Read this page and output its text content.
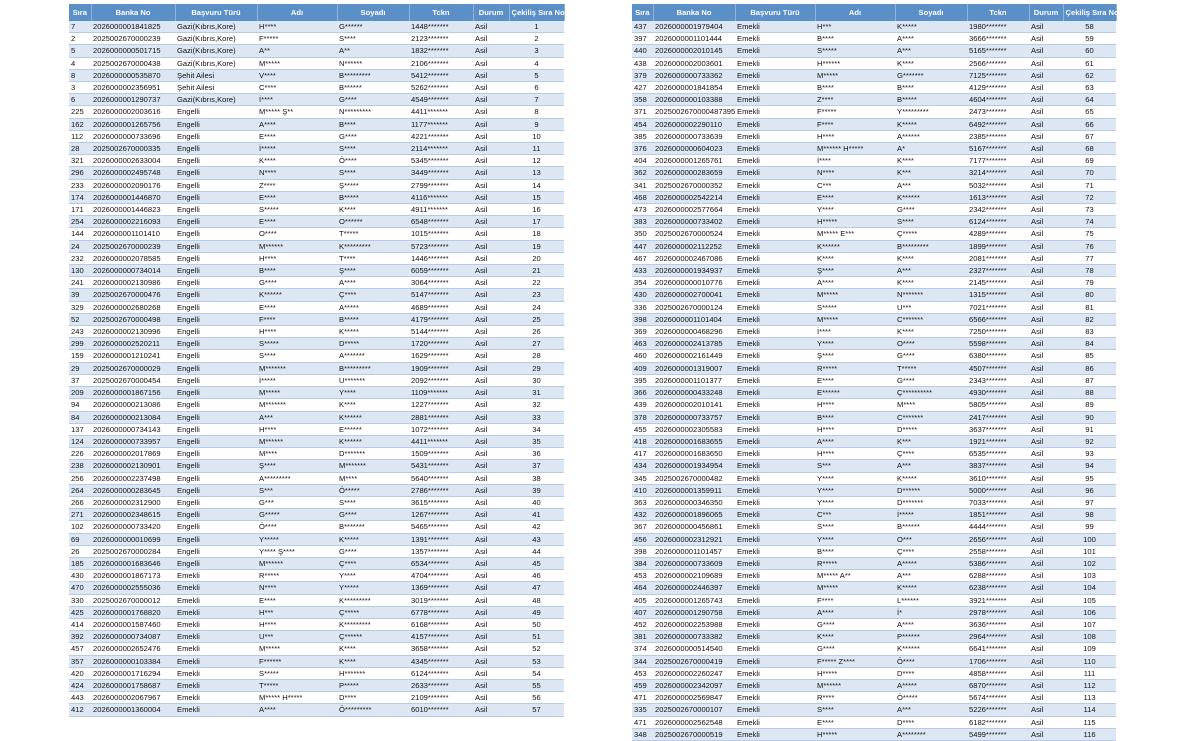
Sıra	Banka No	Başvuru Türü	Adı	Soyadı	Tckn	Durum	Çekiliş Sıra No
7	2026000001841825	Gazi(Kıbrıs,Kore)	H****	G******	1448*******	Asil	1
2	2025002670000239	Gazi(Kıbrıs,Kore)	F*****	S****	2123*******	Asil	2
5	2026000000501715	Gazi(Kıbrıs,Kore)	A**	A**	1832*******	Asil	3
4	2025002670000438	Gazi(Kıbrıs,Kore)	M*****	N******	2106*******	Asil	4
8	2026000000535870	Şehit Ailesi	V****	B*********	5412*******	Asil	5
3	2026000002356951	Şehit Ailesi	C****	B******	5262*******	Asil	6
6	2026000001290737	Gazi(Kıbrıs,Kore)	İ****	G****	4549*******	Asil	7
225	2026000002003616	Engelli	M***** Ş**	N*********	4411*******	Asil	8
162	2026000001265756	Engelli	A****	B****	1177*******	Asil	9
112	2026000000733696	Engelli	E****	G****	4221*******	Asil	10
28	2025002670000335	Engelli	İ*****	S****	2114*******	Asil	11
321	2026000002633004	Engelli	K****	Ö****	5345*******	Asil	12
296	2026000002495748	Engelli	N****	S****	3449*******	Asil	13
233	2026000002090176	Engelli	Z****	Ş*****	2799*******	Asil	14
174	2026000001446870	Engelli	E****	B*****	4116*******	Asil	15
171	2026000001446823	Engelli	S*****	K****	4911*******	Asil	16
254	2026000002216093	Engelli	E****	O******	6548*******	Asil	17
144	2026000001101410	Engelli	O****	T*****	1015*******	Asil	18
24	2025002670000239	Engelli	M******	K*********	5723*******	Asil	19
232	2026000002078585	Engelli	H****	T****	1446*******	Asil	20
130	2026000000734014	Engelli	B****	Ş****	6059*******	Asil	21
241	2026000002130986	Engelli	G****	A****	3064*******	Asil	22
39	2025002670000476	Engelli	K******	Ç****	5147*******	Asil	23
329	2026000002680268	Engelli	E****	A*****	4689*******	Asil	24
52	2025002670000498	Engelli	F****	B*****	4179*******	Asil	25
243	2026000002130996	Engelli	H****	K*****	5144*******	Asil	26
299	2026000002520211	Engelli	S*****	D*****	1720*******	Asil	27
159	2026000001210241	Engelli	S****	A*******	1629*******	Asil	28
29	2025002670000029	Engelli	M*******	B*********	1909*******	Asil	29
37	2025002670000454	Engelli	İ*****	U*******	2092*******	Asil	30
209	2026000001867156	Engelli	M*****	Y****	1109*******	Asil	31
94	2026000000213086	Engelli	M*******	K****	1227*******	Asil	32
84	2026000000213084	Engelli	A***	K******	2881*******	Asil	33
137	2026000000734143	Engelli	H****	E******	1072*******	Asil	34
124	2026000000733957	Engelli	M******	K******	4411*******	Asil	35
226	2026000002017869	Engelli	M****	D*******	1509*******	Asil	36
238	2026000002130901	Engelli	Ş****	M*******	5431*******	Asil	37
256	2026000002237498	Engelli	A*********	M****	5640*******	Asil	38
264	2026000000283645	Engelli	S***	Ö*****	2786*******	Asil	39
266	2026000002312900	Engelli	G***	S****	3615*******	Asil	40
271	2026000002348615	Engelli	G*****	G****	1267*******	Asil	41
102	2026000000733420	Engelli	Ö****	B*******	5465*******	Asil	42
69	2026000000010699	Engelli	Y*****	K*****	1391*******	Asil	43
26	2025002670000284	Engelli	Y**** Ş****	G****	1357*******	Asil	44
185	2026000001683646	Engelli	M******	Ç****	6534*******	Asil	45
430	2026000001867173	Emekli	R*****	Y****	4704*******	Asil	46
470	2026000002555036	Emekli	N****	Y*****	1369*******	Asil	47
330	2025002670000012	Emekli	E****	K*********	3019*******	Asil	48
425	2026000001768820	Emekli	H***	Ç*****	6778*******	Asil	49
414	2026000001587460	Emekli	H****	K*********	6168*******	Asil	50
392	2026000000734087	Emekli	U***	Ç******	4157*******	Asil	51
457	2026000002652476	Emekli	M*****	K****	3658*******	Asil	52
357	2026000000103384	Emekli	F******	K****	4345*******	Asil	53
420	2026000001716294	Emekli	S*****	H*******	6124*******	Asil	54
424	2026000001758687	Emekli	T*****	P*****	2633*******	Asil	55
443	2026000002067967	Emekli	M***** H*****	D****	2109*******	Asil	56
412	2026000001360004	Emekli	A****	Ö*********	6010*******	Asil	57
Sıra	Banka No	Başvuru Türü	Adı	Soyadı	Tckn	Durum	Çekiliş Sıra No
437	2026000001979404	Emekli	H***	K*****	1980*******	Asil	58
397	2026000001101444	Emekli	B****	A****	3666*******	Asil	59
440	2026000002010145	Emekli	S*****	A***	5165*******	Asil	60
438	2026000002003601	Emekli	H******	K****	2566*******	Asil	61
379	2026000000733362	Emekli	M*****	G*******	7125*******	Asil	62
427	2026000001841854	Emekli	B****	B****	4129*******	Asil	63
358	2026000000103388	Emekli	Z****	B*****	4604*******	Asil	64
371	2025002670000487395	Emekli	F*****	Y*********	2473*******	Asil	65
454	2026000002290110	Emekli	F****	K*****	6492*******	Asil	66
385	2026000000733639	Emekli	H****	A******	2385*******	Asil	67
376	2026000000604023	Emekli	M****** H*****	A*	5167*******	Asil	68
404	2026000001265761	Emekli	İ****	K****	7177*******	Asil	69
362	2026000000283659	Emekli	N****	K***	3214*******	Asil	70
341	2025002670000352	Emekli	C***	A***	5032*******	Asil	71
468	2026000002542214	Emekli	E****	K******	1613*******	Asil	72
473	2026000002577664	Emekli	Y****	G****	2342*******	Asil	73
383	2026000000733402	Emekli	H*****	S****	6124*******	Asil	74
350	2025002670000524	Emekli	M***** E***	Ç*****	4289*******	Asil	75
447	2026000002112252	Emekli	K******	B*********	1899*******	Asil	76
467	2026000002467086	Emekli	K****	K****	2081*******	Asil	77
433	2026000001934937	Emekli	Ş****	A***	2327*******	Asil	78
354	2026000000010776	Emekli	A****	K****	2145*******	Asil	79
430	2026000002700041	Emekli	M*****	N*******	1315*******	Asil	80
336	2025002670000124	Emekli	S*****	U***	7021*******	Asil	81
398	2026000001101404	Emekli	M*****	C*******	6566*******	Asil	82
369	2026000000468296	Emekli	İ****	K****	7250*******	Asil	83
463	2026000002413785	Emekli	Y****	O****	5598*******	Asil	84
460	2026000002161449	Emekli	Ş****	G****	6380*******	Asil	85
409	2026000001319007	Emekli	R*****	T*****	4507*******	Asil	86
395	2026000001101377	Emekli	E****	G****	2343*******	Asil	87
366	2026000000433248	Emekli	E******	Ç**********	4930*******	Asil	88
439	2026000002010141	Emekli	H****	M****	5805*******	Asil	89
378	2026000000733757	Emekli	B****	C*******	2417*******	Asil	90
455	2026000002305583	Emekli	H****	D*****	3637*******	Asil	91
418	2026000001683655	Emekli	A****	K***	1921*******	Asil	92
417	2026000001683650	Emekli	H****	Ç****	6535*******	Asil	93
434	2026000001934954	Emekli	S***	A***	3837*******	Asil	94
345	2025002670000482	Emekli	Y****	K*****	3610*******	Asil	95
410	2026000001359911	Emekli	Y****	D******	5000*******	Asil	96
363	2026000000346350	Emekli	Y****	D*******	7033*******	Asil	97
432	2026000001896065	Emekli	C***	İ*****	1851*******	Asil	98
367	2026000000456861	Emekli	S****	B******	4444*******	Asil	99
456	2026000002312921	Emekli	Y****	O***	2656*******	Asil	100
398	2026000001101457	Emekli	B****	Ç****	2558*******	Asil	101
384	2026000000733609	Emekli	R*****	A*****	5386*******	Asil	102
453	2026000002109689	Emekli	M***** A**	A***	6288*******	Asil	103
464	2026000002446397	Emekli	M*****	K*****	6238*******	Asil	104
405	2026000001265743	Emekli	F****	L******	3921*******	Asil	105
407	2026000001290758	Emekli	A****	İ*	2978*******	Asil	106
452	2026000002253988	Emekli	G****	A****	3636*******	Asil	107
381	2026000000733382	Emekli	K****	P******	2964*******	Asil	108
374	2026000000514540	Emekli	G****	K******	6641*******	Asil	109
344	2025002670000419	Emekli	F***** Z****	Ö****	1706*******	Asil	110
453	2026000002260247	Emekli	H*****	D****	4858*******	Asil	111
459	2026000002342097	Emekli	M******	A*****	6870*******	Asil	112
471	2026000002569847	Emekli	R****	Ö*****	5674*******	Asil	113
335	2025002670000107	Emekli	S****	A***	5226*******	Asil	114
471	2026000002562548	Emekli	E****	D****	6182*******	Asil	115
348	2025002670000519	Emekli	H*****	A********	5499*******	Asil	116
